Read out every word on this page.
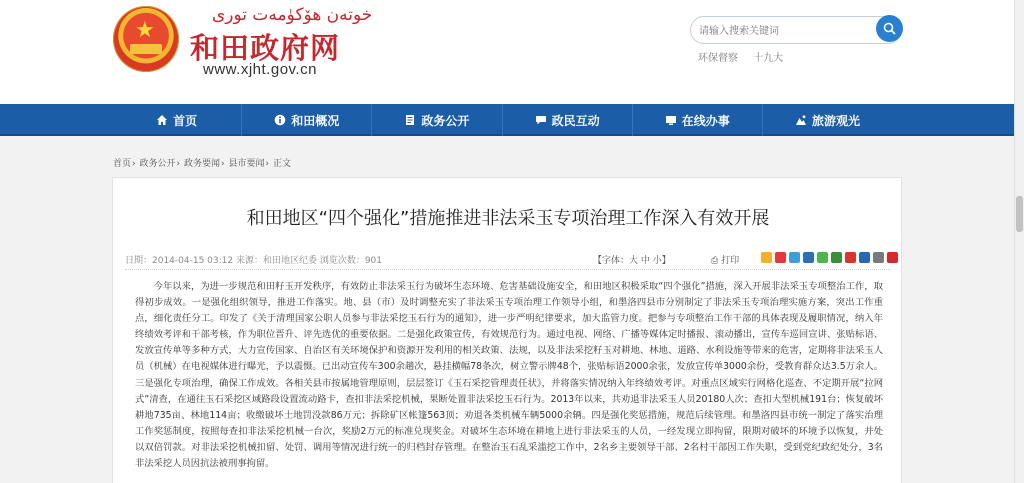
★
خوتەن ھۆكۈمەت تورى
和田政府网
www.xjht.gov.cn
请输入搜索关键词
环保督察 十九大
首页	和田概况	政务公开	政民互动	在线办事	旅游观光
首页› 政务公开› 政务要闻› 县市要闻› 正文
和田地区“四个强化”措施推进非法采玉专项治理工作深入有效开展
日期：2014-04-15 03:12 来源：和田地区纪委 浏览次数：901	【字体：大 中 小】	⎙ 打印
今年以来，为进一步规范和田籽玉开发秩序，有效防止非法采玉行为破坏生态环境、危害基础设施安全，和田地区积极采取“四个强化”措施，深入开展非法采玉专项整治工作，取得初步成效。一是强化组织领导，推进工作落实。地、县（市）及时调整充实了非法采玉专项治理工作领导小组，和墨洛四县市分别制定了非法采玉专项治理实施方案，突出工作重点，细化责任分工。印发了《关于清理国家公职人员参与非法采挖玉石行为的通知》，进一步严明纪律要求，加大监管力度。把参与专项整治工作干部的具体表现及履职情况，纳入年终绩效考评和干部考核，作为职位晋升、评先选优的重要依据。二是强化政策宣传，有效规范行为。通过电视、网络、广播等媒体定时播报、滚动播出，宣传车巡回宣讲、张贴标语、发放宣传单等多种方式，大力宣传国家、自治区有关环境保护和资源开发利用的相关政策、法规，以及非法采挖籽玉对耕地、林地、道路、水利设施等带来的危害，定期将非法采玉人员（机械）在电视媒体进行曝光，予以震慑。已出动宣传车300余趟次，悬挂横幅78条次，树立警示牌48个，张贴标语2000余张，发放宣传单3000余份，受教育群众达3.5万余人。三是强化专项治理，确保工作成效。各相关县市按属地管理原则，层层签订《玉石采挖管理责任状》，并将落实情况纳入年终绩效考评。对重点区域实行网格化巡查、不定期开展“拉网式”清查，在通往玉石采挖区域路段设置流动路卡，查扣非法采挖机械，果断处置非法采挖玉石行为。2013年以来，共劝退非法采玉人员20180人次；查扣大型机械191台；恢复破坏耕地735亩、林地114亩；收缴破坏土地罚没款86万元；拆除矿区帐篷563顶；劝退各类机械车辆5000余辆。四是强化奖惩措施，规范后续管理。和墨洛四县市统一制定了落实治理工作奖惩制度，按照每查扣非法采挖机械一台次，奖励2万元的标准兑现奖金。对破坏生态环境在耕地上进行非法采玉的人员，一经发现立即拘留，限期对破坏的环境予以恢复，并处以双倍罚款。对非法采挖机械扣留、处罚、调用等情况进行统一的归档封存管理。在整治玉石乱采滥挖工作中，2名乡主要领导干部、2名村干部因工作失职，受到党纪政纪处分，3名非法采挖人员因抗法被刑事拘留。
